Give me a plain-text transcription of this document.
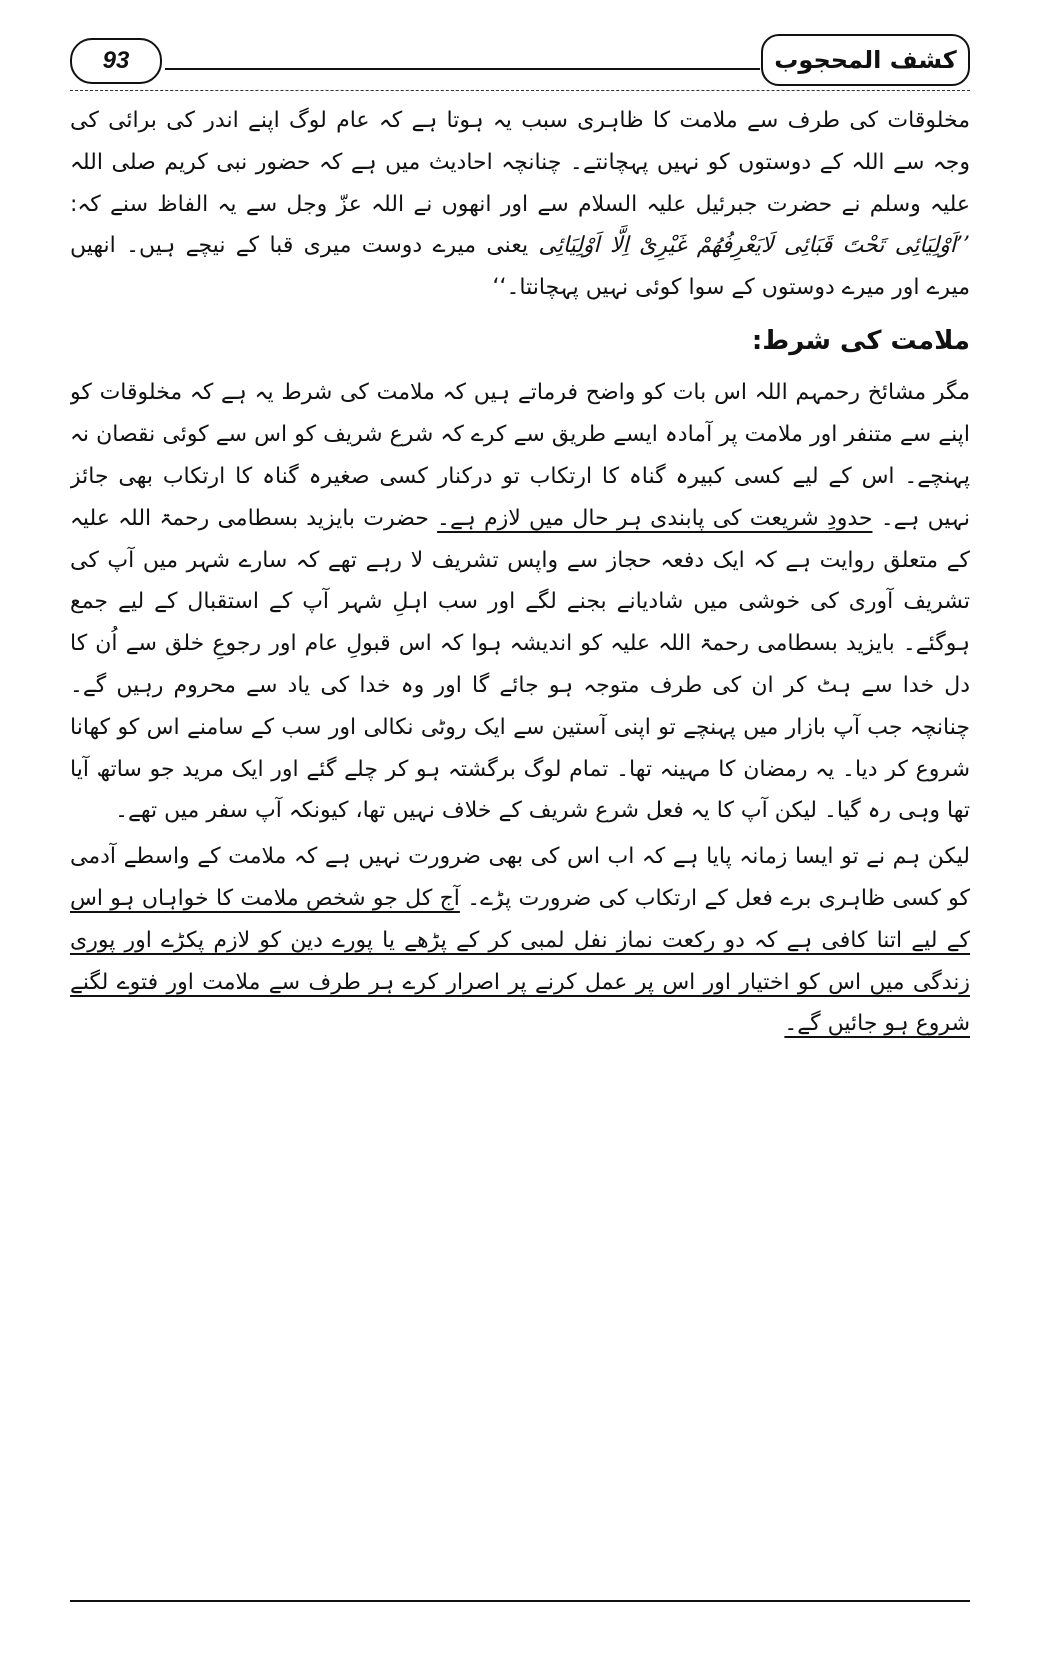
93	کشف المحجوب

مخلوقات کی طرف سے ملامت کا ظاہری سبب یہ ہوتا ہے کہ عام لوگ اپنے اندر کی برائی کی وجہ سے اللہ کے دوستوں کو نہیں پہچانتے۔ چنانچہ احادیث میں ہے کہ حضور نبی کریم صلی اللہ علیہ وسلم نے حضرت جبرئیل علیہ السلام سے اور انھوں نے اللہ عزّ وجل سے یہ الفاظ سنے کہ: ’’اَوْلِیَائِی تَحْتَ قَبَائِی لَایَعْرِفُھُمْ غَیْرِیْ اِلَّا اَوْلِیَائِی یعنی میرے دوست میری قبا کے نیچے ہیں۔ انھیں میرے اور میرے دوستوں کے سوا کوئی نہیں پہچانتا۔‘‘

ملامت کی شرط:

مگر مشائخ رحمہم اللہ اس بات کو واضح فرماتے ہیں کہ ملامت کی شرط یہ ہے کہ مخلوقات کو اپنے سے متنفر اور ملامت پر آمادہ ایسے طریق سے کرے کہ شرع شریف کو اس سے کوئی نقصان نہ پہنچے۔ اس کے لیے کسی کبیرہ گناہ کا ارتکاب تو درکنار کسی صغیرہ گناہ کا ارتکاب بھی جائز نہیں ہے۔ حدودِ شریعت کی پابندی ہر حال میں لازم ہے۔ حضرت بایزید بسطامی رحمۃ اللہ علیہ کے متعلق روایت ہے کہ ایک دفعہ حجاز سے واپس تشریف لا رہے تھے کہ سارے شہر میں آپ کی تشریف آوری کی خوشی میں شادیانے بجنے لگے اور سب اہلِ شہر آپ کے استقبال کے لیے جمع ہوگئے۔ بایزید بسطامی رحمۃ اللہ علیہ کو اندیشہ ہوا کہ اس قبولِ عام اور رجوعِ خلق سے اُن کا دل خدا سے ہٹ کر ان کی طرف متوجہ ہو جائے گا اور وہ خدا کی یاد سے محروم رہیں گے۔ چنانچہ جب آپ بازار میں پہنچے تو اپنی آستین سے ایک روٹی نکالی اور سب کے سامنے اس کو کھانا شروع کر دیا۔ یہ رمضان کا مہینہ تھا۔ تمام لوگ برگشتہ ہو کر چلے گئے اور ایک مرید جو ساتھ آیا تھا وہی رہ گیا۔ لیکن آپ کا یہ فعل شرع شریف کے خلاف نہیں تھا، کیونکہ آپ سفر میں تھے۔

لیکن ہم نے تو ایسا زمانہ پایا ہے کہ اب اس کی بھی ضرورت نہیں ہے کہ ملامت کے واسطے آدمی کو کسی ظاہری برے فعل کے ارتکاب کی ضرورت پڑے۔ آج کل جو شخص ملامت کا خواہاں ہو اس کے لیے اتنا کافی ہے کہ دو رکعت نماز نفل لمبی کر کے پڑھے یا پورے دین کو لازم پکڑے اور پوری زندگی میں اس کو اختیار اور اس پر عمل کرنے پر اصرار کرے ہر طرف سے ملامت اور فتوے لگنے شروع ہو جائیں گے۔
